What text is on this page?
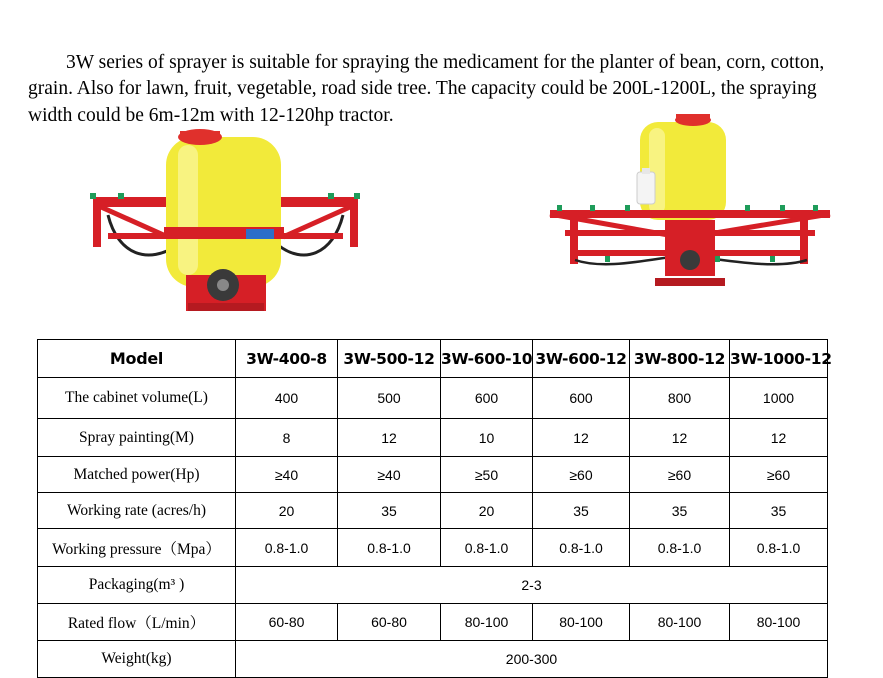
3W series of sprayer is suitable for spraying the medicament for the planter of bean, corn, cotton, grain. Also for lawn, fruit, vegetable, road side tree. The capacity could be 200L-1200L, the spraying width could be 6m-12m with 12-120hp tractor.

Model	3W-400-8	3W-500-12	3W-600-10	3W-600-12	3W-800-12	3W-1000-12
The cabinet volume(L)	400	500	600	600	800	1000
Spray painting(M)	8	12	10	12	12	12
Matched power(Hp)	≥40	≥40	≥50	≥60	≥60	≥60
Working rate (acres/h)	20	35	20	35	35	35
Working pressure（Mpa）	0.8-1.0	0.8-1.0	0.8-1.0	0.8-1.0	0.8-1.0	0.8-1.0
Packaging(m³ )	2-3					
Rated flow（L/min）	60-80	60-80	80-100	80-100	80-100	80-100
Weight(kg)	200-300					
